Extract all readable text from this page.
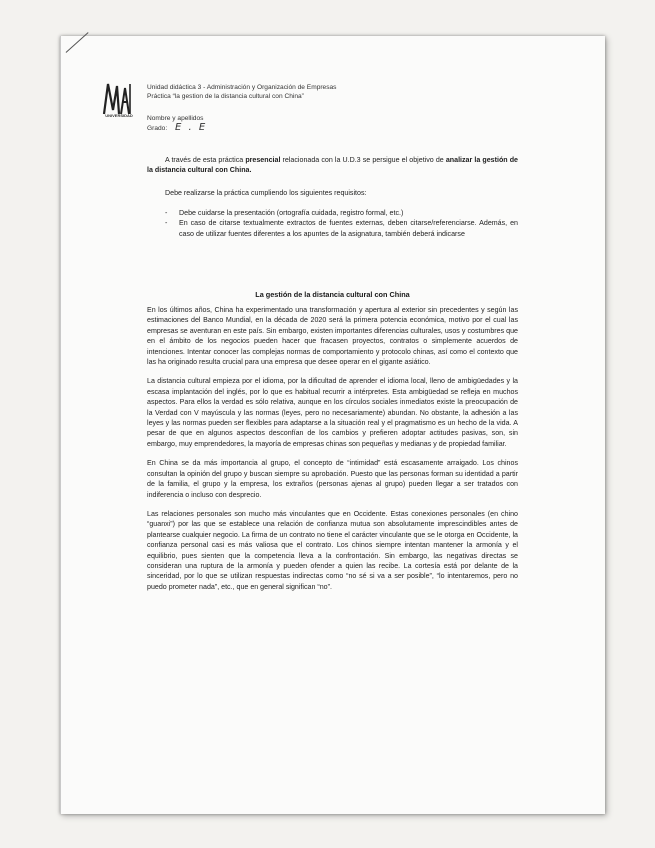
UNIVERSIDAD
Unidad didáctica 3 - Administración y Organización de Empresas
Práctica “la gestion de la distancia cultural con China”
Nombre y apellidos
Grado: E . E
A través de esta práctica presencial relacionada con la U.D.3 se persigue el objetivo de analizar la gestión de la distancia cultural con China.
Debe realizarse la práctica cumpliendo los siguientes requisitos:
- Debe cuidarse la presentación (ortografía cuidada, registro formal, etc.)
- En caso de citarse textualmente extractos de fuentes externas, deben citarse/referenciarse. Además, en caso de utilizar fuentes diferentes a los apuntes de la asignatura, también deberá indicarse
La gestión de la distancia cultural con China

En los últimos años, China ha experimentado una transformación y apertura al exterior sin precedentes y según las estimaciones del Banco Mundial, en la década de 2020 será la primera potencia económica, motivo por el cual las empresas se aventuran en este país. Sin embargo, existen importantes diferencias culturales, usos y costumbres que en el ámbito de los negocios pueden hacer que fracasen proyectos, contratos o simplemente acuerdos de intenciones. Intentar conocer las complejas normas de comportamiento y protocolo chinas, así como el contexto que las ha originado resulta crucial para una empresa que desee operar en el gigante asiático.

La distancia cultural empieza por el idioma, por la dificultad de aprender el idioma local, lleno de ambigüedades y la escasa implantación del inglés, por lo que es habitual recurrir a intérpretes. Esta ambigüedad se refleja en muchos aspectos. Para ellos la verdad es sólo relativa, aunque en los círculos sociales inmediatos existe la preocupación de la Verdad con V mayúscula y las normas (leyes, pero no necesariamente) abundan. No obstante, la adhesión a las leyes y las normas pueden ser flexibles para adaptarse a la situación real y el pragmatismo es un hecho de la vida. A pesar de que en algunos aspectos desconfían de los cambios y prefieren adoptar actitudes pasivas, son, sin embargo, muy emprendedores, la mayoría de empresas chinas son pequeñas y medianas y de propiedad familiar.

En China se da más importancia al grupo, el concepto de “intimidad” está escasamente arraigado. Los chinos consultan la opinión del grupo y buscan siempre su aprobación. Puesto que las personas forman su identidad a partir de la familia, el grupo y la empresa, los extraños (personas ajenas al grupo) pueden llegar a ser tratados con indiferencia o incluso con desprecio.

Las relaciones personales son mucho más vinculantes que en Occidente. Estas conexiones personales (en chino “guanxi”) por las que se establece una relación de confianza mutua son absolutamente imprescindibles antes de plantearse cualquier negocio. La firma de un contrato no tiene el carácter vinculante que se le otorga en Occidente, la confianza personal casi es más valiosa que el contrato. Los chinos siempre intentan mantener la armonía y el equilibrio, pues sienten que la competencia lleva a la confrontación. Sin embargo, las negativas directas se consideran una ruptura de la armonía y pueden ofender a quien las recibe. La cortesía está por delante de la sinceridad, por lo que se utilizan respuestas indirectas como “no sé si va a ser posible”, “lo intentaremos, pero no puedo prometer nada”, etc., que en general significan “no”.
